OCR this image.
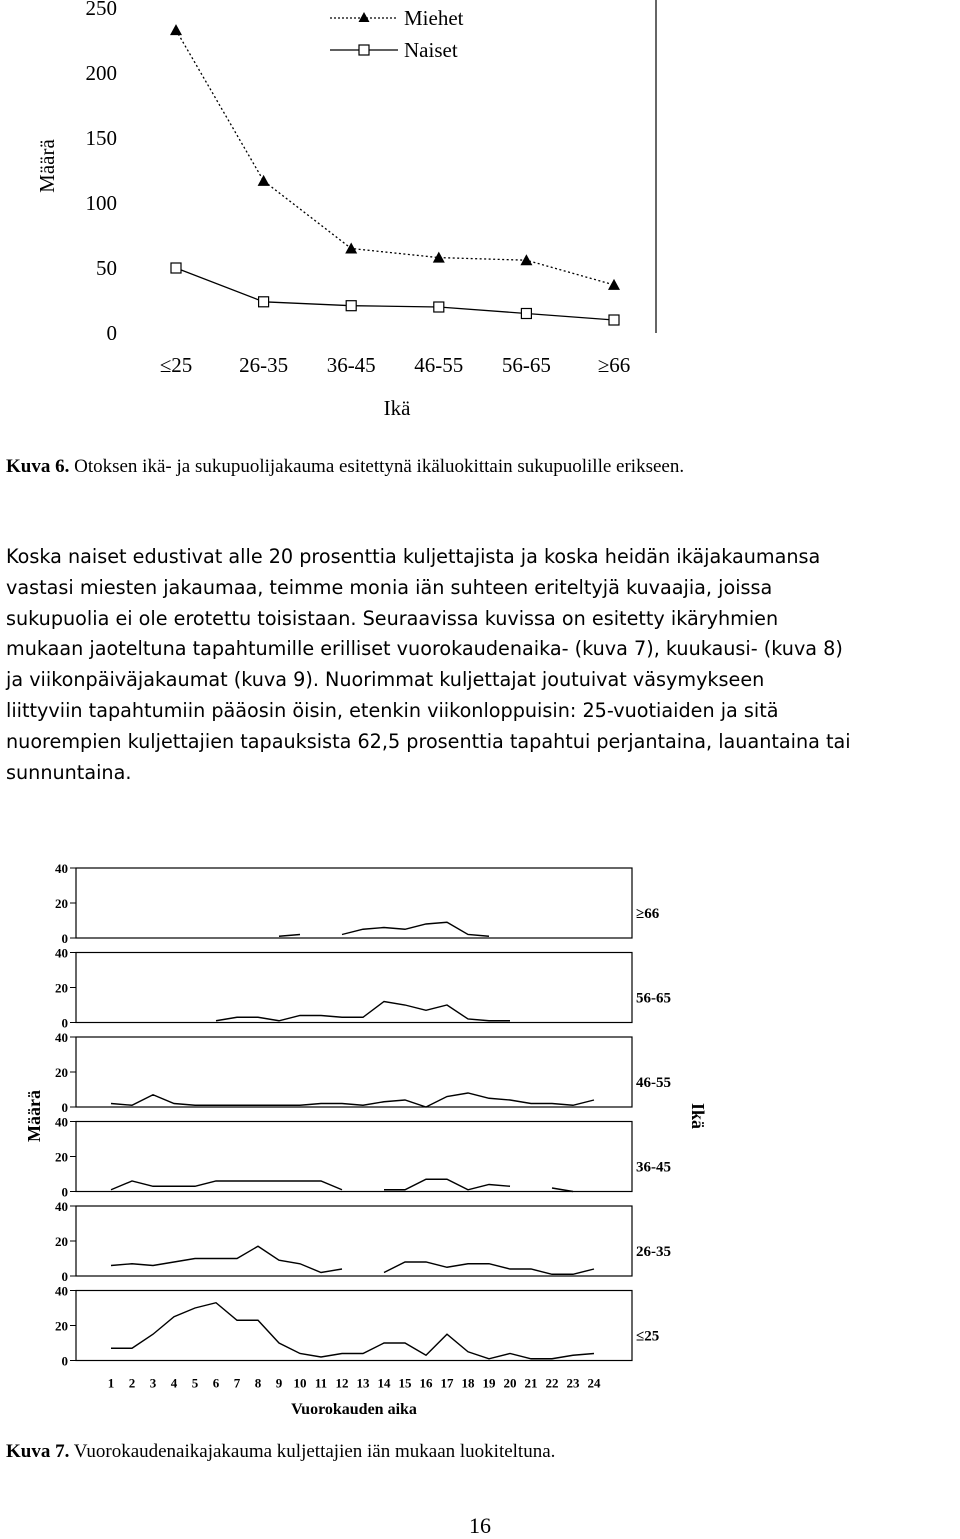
Määrä
0
50
100
150
200
250
≤25 26-35 36-45 46-55 56-65 ≥66
Ikä
Miehet
Naiset
Kuva 6. Otoksen ikä- ja sukupuolijakauma esitettynä ikäluokittain sukupuolille erikseen.
Koska naiset edustivat alle 20 prosenttia kuljettajista ja koska heidän ikäjakaumansa
vastasi miesten jakaumaa, teimme monia iän suhteen eriteltyjä kuvaajia, joissa
sukupuolia ei ole erotettu toisistaan. Seuraavissa kuvissa on esitetty ikäryhmien
mukaan jaoteltuna tapahtumille erilliset vuorokaudenaika- (kuva 7), kuukausi- (kuva 8)
ja viikonpäiväjakaumat (kuva 9). Nuorimmat kuljettajat joutuivat väsymykseen
liittyviin tapahtumiin pääosin öisin, etenkin viikonloppuisin: 25-vuotiaiden ja sitä
nuorempien kuljettajien tapauksista 62,5 prosenttia tapahtui perjantaina, lauantaina tai
sunnuntaina.
Määrä	Ikä
0
20
40
≥66
0
20
40
56-65
0
20
40
46-55
0
20
40
36-45
0
20
40
26-35
0
20
40
≤25
1 2 3 4 5 6 7 8 9 10 11 12 13 14 15 16 17 18 19 20 21 22 23 24
Vuorokauden aika
Kuva 7. Vuorokaudenaikajakauma kuljettajien iän mukaan luokiteltuna.
16
